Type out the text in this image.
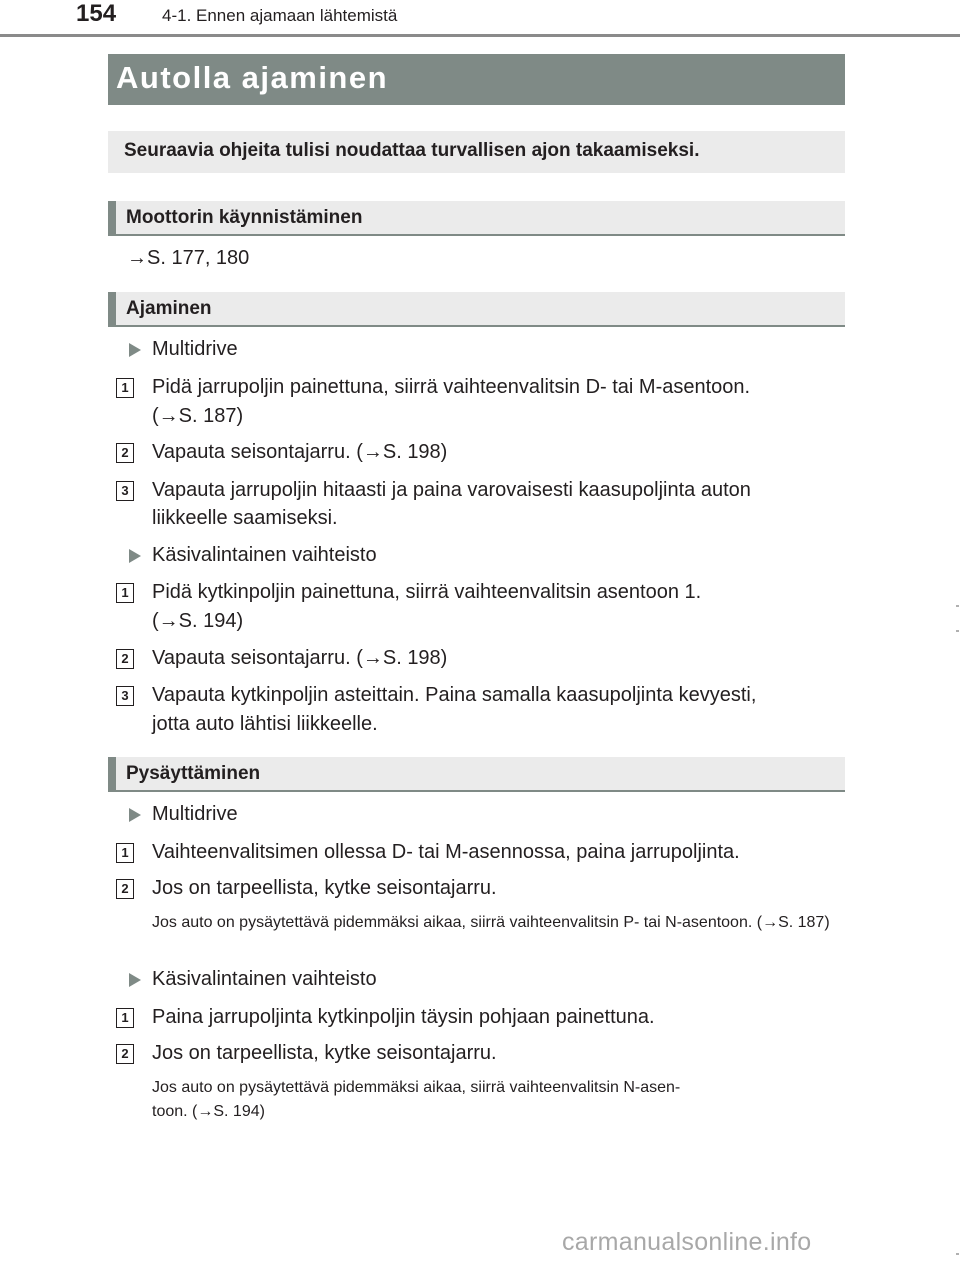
154	4-1. Ennen ajamaan lähtemistä
Autolla ajaminen

Seuraavia ohjeita tulisi noudattaa turvallisen ajon takaamiseksi.

Moottorin käynnistäminen
→S. 177, 180
Ajaminen
Multidrive
1 Pidä jarrupoljin painettuna, siirrä vaihteenvalitsin D- tai M-asentoon.
(→S. 187)
2 Vapauta seisontajarru. (→S. 198)
3 Vapauta jarrupoljin hitaasti ja paina varovaisesti kaasupoljinta auton
liikkeelle saamiseksi.
Käsivalintainen vaihteisto
1 Pidä kytkinpoljin painettuna, siirrä vaihteenvalitsin asentoon 1.
(→S. 194)
2 Vapauta seisontajarru. (→S. 198)
3 Vapauta kytkinpoljin asteittain. Paina samalla kaasupoljinta kevyesti,
jotta auto lähtisi liikkeelle.
Pysäyttäminen
Multidrive
1 Vaihteenvalitsimen ollessa D- tai M-asennossa, paina jarrupoljinta.
2 Jos on tarpeellista, kytke seisontajarru.
Jos auto on pysäytettävä pidemmäksi aikaa, siirrä vaihteenvalitsin P- tai N-asentoon. (→S. 187)
Käsivalintainen vaihteisto
1 Paina jarrupoljinta kytkinpoljin täysin pohjaan painettuna.
2 Jos on tarpeellista, kytke seisontajarru.
Jos auto on pysäytettävä pidemmäksi aikaa, siirrä vaihteenvalitsin N-asen-
toon. (→S. 194)
carmanualsonline.info
